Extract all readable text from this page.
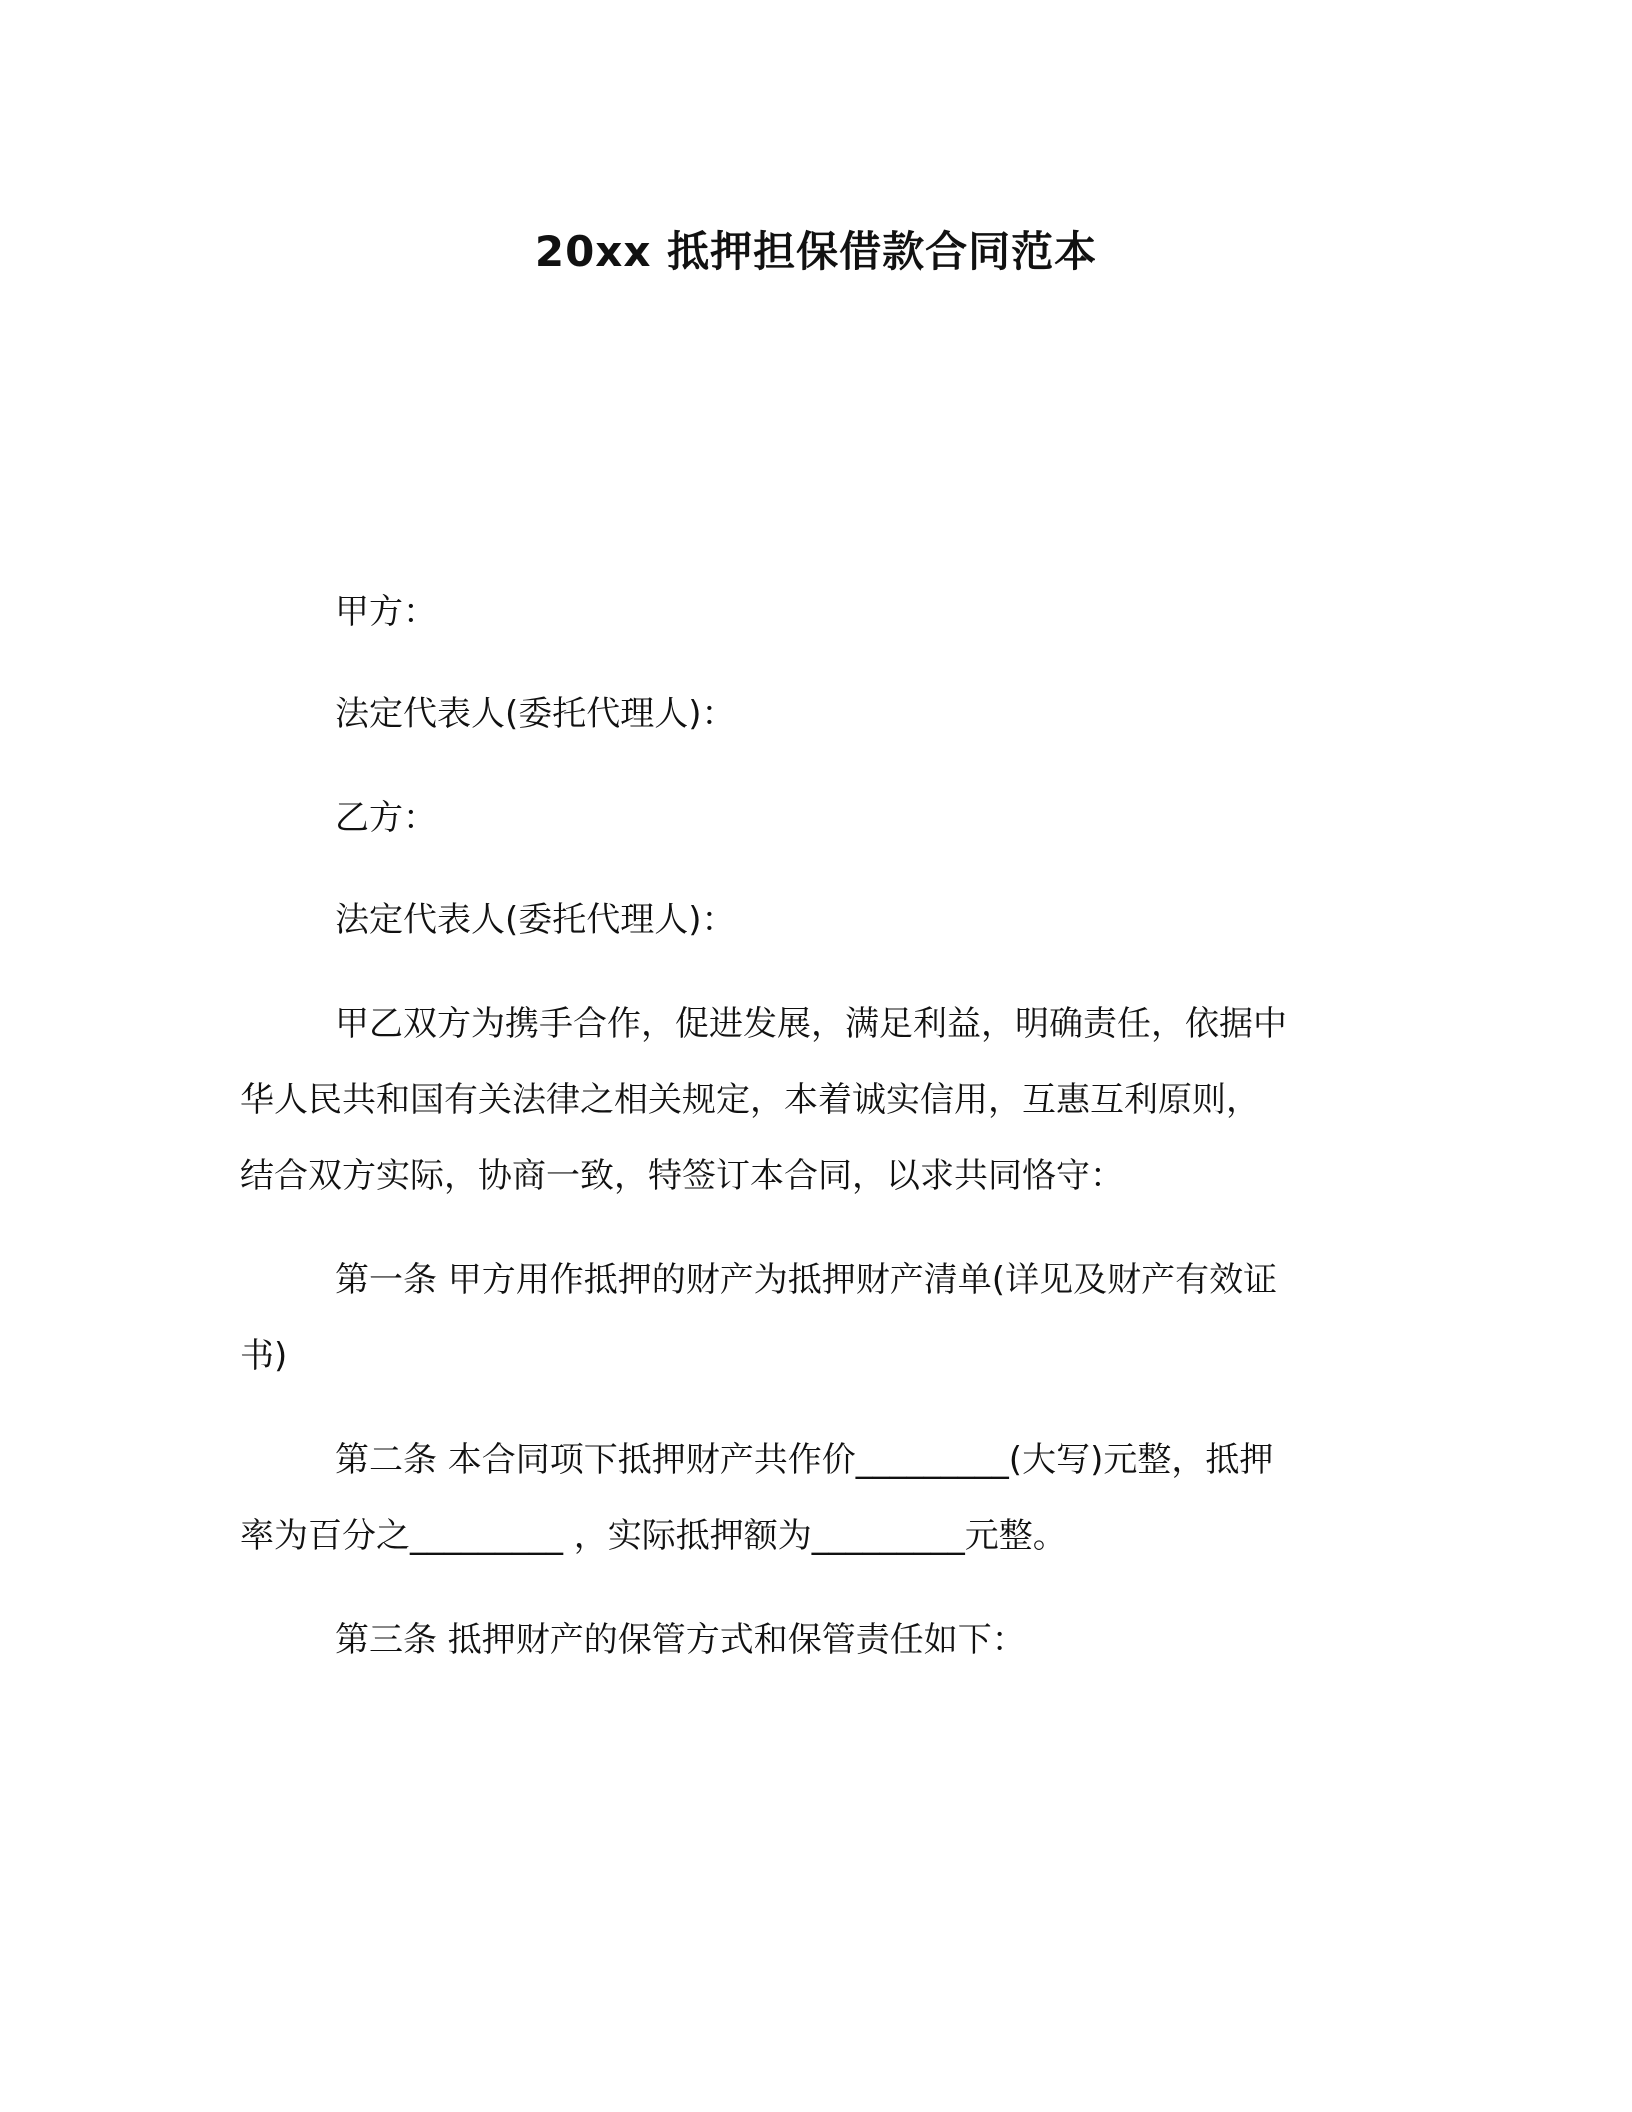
20xx 抵押担保借款合同范本
甲方：
法定代表人(委托代理人)：
乙方：
法定代表人(委托代理人)：
甲乙双方为携手合作，促进发展，满足利益，明确责任，依据中
华人民共和国有关法律之相关规定，本着诚实信用，互惠互利原则，
结合双方实际，协商一致，特签订本合同，以求共同恪守：
第一条 甲方用作抵押的财产为抵押财产清单(详见及财产有效证
书)
第二条 本合同项下抵押财产共作价_________(大写)元整，抵押
率为百分之_________ ，实际抵押额为_________元整。
第三条 抵押财产的保管方式和保管责任如下：
